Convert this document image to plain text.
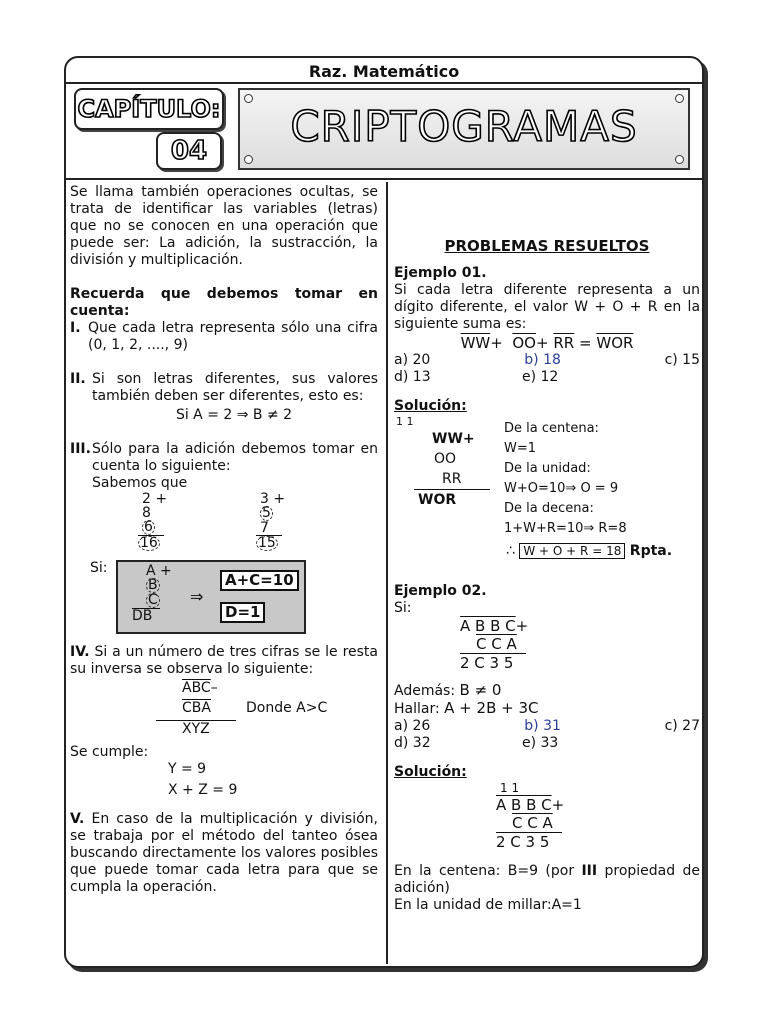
Raz. Matemático
CAPÍTULO:
04	CRIPTOGRAMAS

Se llama también operaciones ocultas, se trata de identificar las variables (letras) que no se conocen en una operación que puede ser: La adición, la sustracción, la división y multiplicación.

Recuerda que debemos tomar en cuenta:

I. Que cada letra representa sólo una cifra (0, 1, 2, ...., 9)
II. Si son letras diferentes, sus valores también deben ser diferentes, esto es:
Si A = 2 ⇒ B ≠ 2
III. Sólo para la adición debemos tomar en cuenta lo siguiente:
Sabemos que
2 +
8
6
16
3 +
5
7
15
Si:	A +
B
C
DB
⇒
A+C=10
D=1
IV. Si a un número de tres cifras se le resta su inversa se observa lo siguiente:
$\overline{ABC}-$
$\overline{CBA}$	Donde A>C
XYZ
Se cumple:
Y = 9
X + Z = 9
V. En caso de la multiplicación y división, se trabaja por el método del tanteo ósea buscando directamente los valores posibles que puede tomar cada letra para que se cumpla la operación.
PROBLEMAS RESUELTOS
Ejemplo 01.

Si cada letra diferente representa a un dígito diferente, el valor W + O + R en la siguiente suma es:

$\overline{WW}+ \overline{OO}+ \overline{RR} = \overline{WOR}$
a) 20	b) 18	c) 15
d) 13	e) 12
Solución:
1 1
WW+
OO
RR
WOR
De la centena:
W=1
De la unidad:
W+O=10⇒ O = 9
De la decena:
1+W+R=10⇒ R=8
∴ W + O + R = 18 Rpta.
Ejemplo 02.
Si:
A B B C+
C C A
2 C 3 5
Además: B ≠ 0
Hallar: A + 2B + 3C
a) 26	b) 31	c) 27
d) 32	e) 33
Solución:
1 1
A B B C+
C C A
2 C 3 5

En la centena: B=9 (por III propiedad de adición)

En la unidad de millar:A=1
